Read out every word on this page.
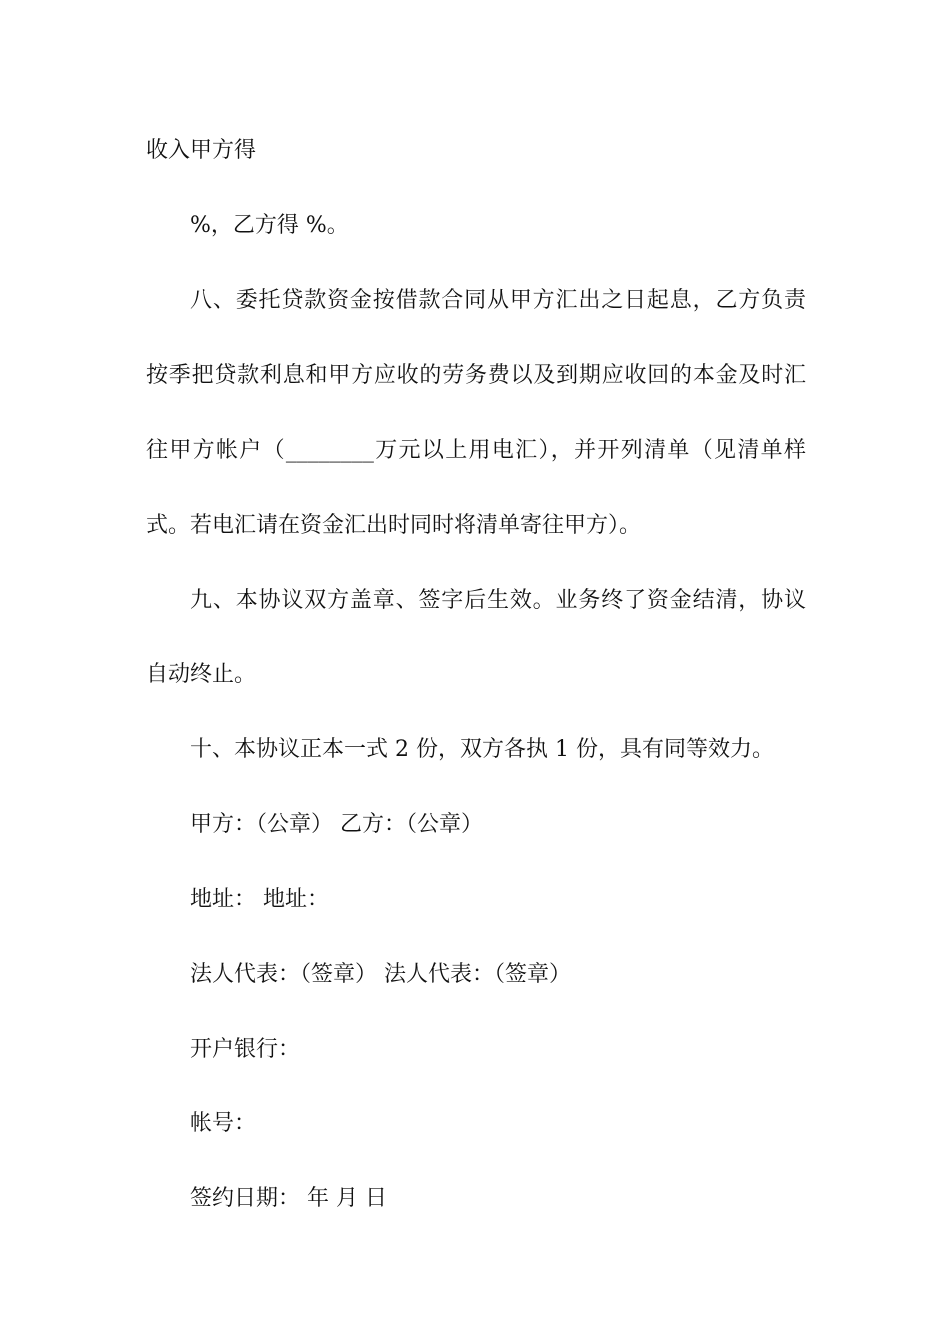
收入甲方得
%，乙方得 %。
八、委托贷款资金按借款合同从甲方汇出之日起息，乙方负责
按季把贷款利息和甲方应收的劳务费以及到期应收回的本金及时汇
往甲方帐户（________万元以上用电汇），并开列清单（见清单样
式。若电汇请在资金汇出时同时将清单寄往甲方）。
九、本协议双方盖章、签字后生效。业务终了资金结清，协议
自动终止。
十、本协议正本一式 2 份，双方各执 1 份，具有同等效力。
甲方：（公章） 乙方：（公章）
地址： 地址：
法人代表：（签章） 法人代表：（签章）
开户银行：
帐号：
签约日期： 年 月 日
